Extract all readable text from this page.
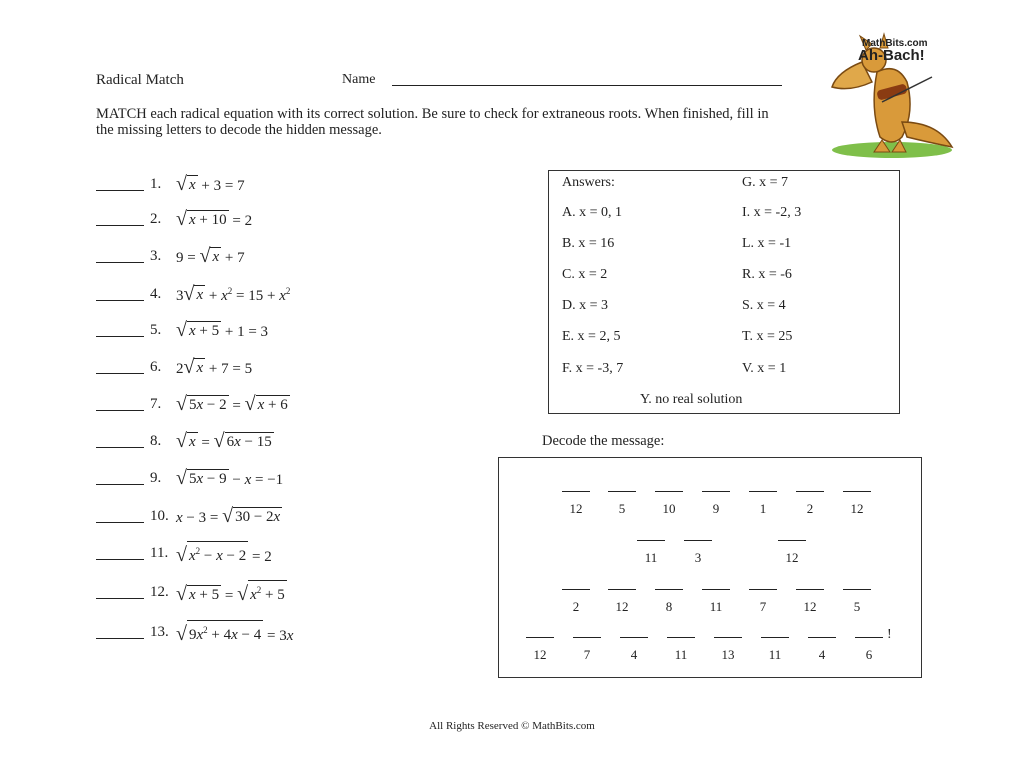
Radical Match	Name
MATCH each radical equation with its correct solution. Be sure to check for extraneous roots. When finished, fill in the missing letters to decode the hidden message.
MathBits.com
Ah-Bach!
1. √ x + 3 = 7
2. √ x + 10 = 2
3. 9 = √ x + 7
4. 3 √ $x + x^2 = 15 + x^2$
5. √ x + 5 + 1 = 3
6. 2 √ x + 7 = 5
7. √ 5x − 2 = √ x + 6
8. √ x = √ 6x − 15
9. √ 5x − 9 − x = −1
10. x − 3 = √ 30 − 2x
11. √ $x^2 - x - 2 = 2$
12. √ x + 5 = √ $x^2 + 5$
13. √ $9x^2 + 4x - 4 = 3x$
Answers:
A. x = 0, 1
B. x = 16
C. x = 2
D. x = 3
E. x = 2, 5
F. x = -3, 7
G. x = 7
I. x = -2, 3
L. x = -1
R. x = -6
S. x = 4
T. x = 25
V. x = 1
Y. no real solution
Decode the message:
12	5	10	9	1	2	12
11	3	12
2	12	8	11	7	12	5
12	7	4	11	13	11	4	6
!
All Rights Reserved © MathBits.com
